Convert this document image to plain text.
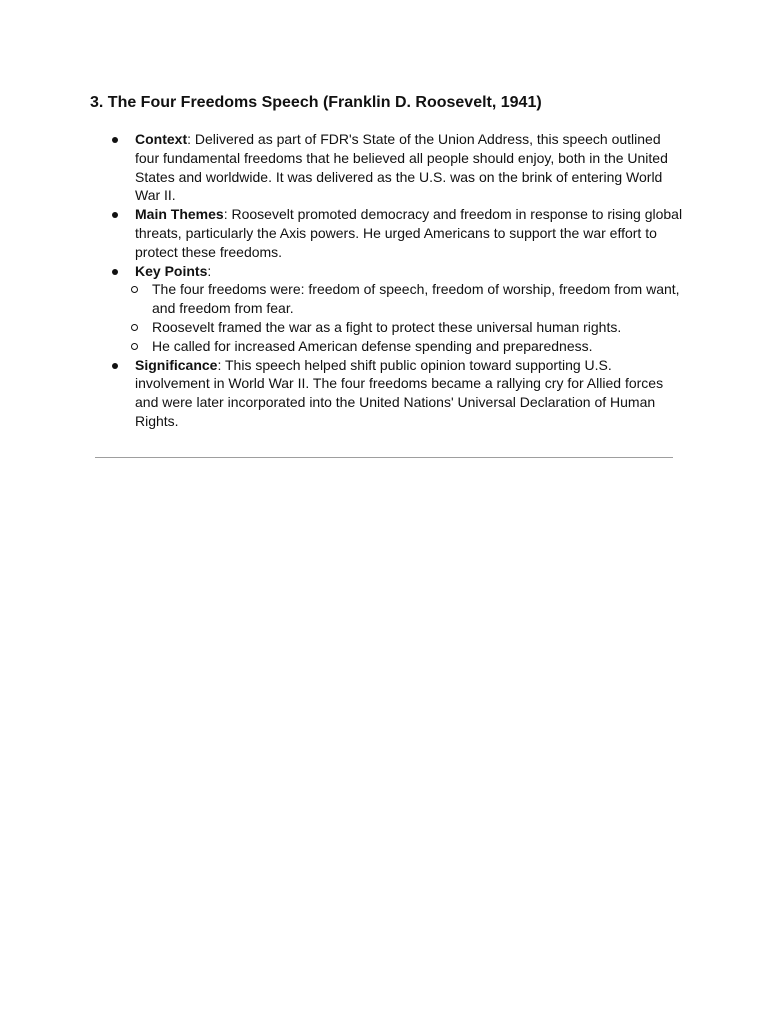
3. The Four Freedoms Speech (Franklin D. Roosevelt, 1941)
Context: Delivered as part of FDR's State of the Union Address, this speech outlined four fundamental freedoms that he believed all people should enjoy, both in the United States and worldwide. It was delivered as the U.S. was on the brink of entering World War II.
Main Themes: Roosevelt promoted democracy and freedom in response to rising global threats, particularly the Axis powers. He urged Americans to support the war effort to protect these freedoms.
Key Points:
The four freedoms were: freedom of speech, freedom of worship, freedom from want, and freedom from fear.
Roosevelt framed the war as a fight to protect these universal human rights.
He called for increased American defense spending and preparedness.
Significance: This speech helped shift public opinion toward supporting U.S. involvement in World War II. The four freedoms became a rallying cry for Allied forces and were later incorporated into the United Nations' Universal Declaration of Human Rights.
